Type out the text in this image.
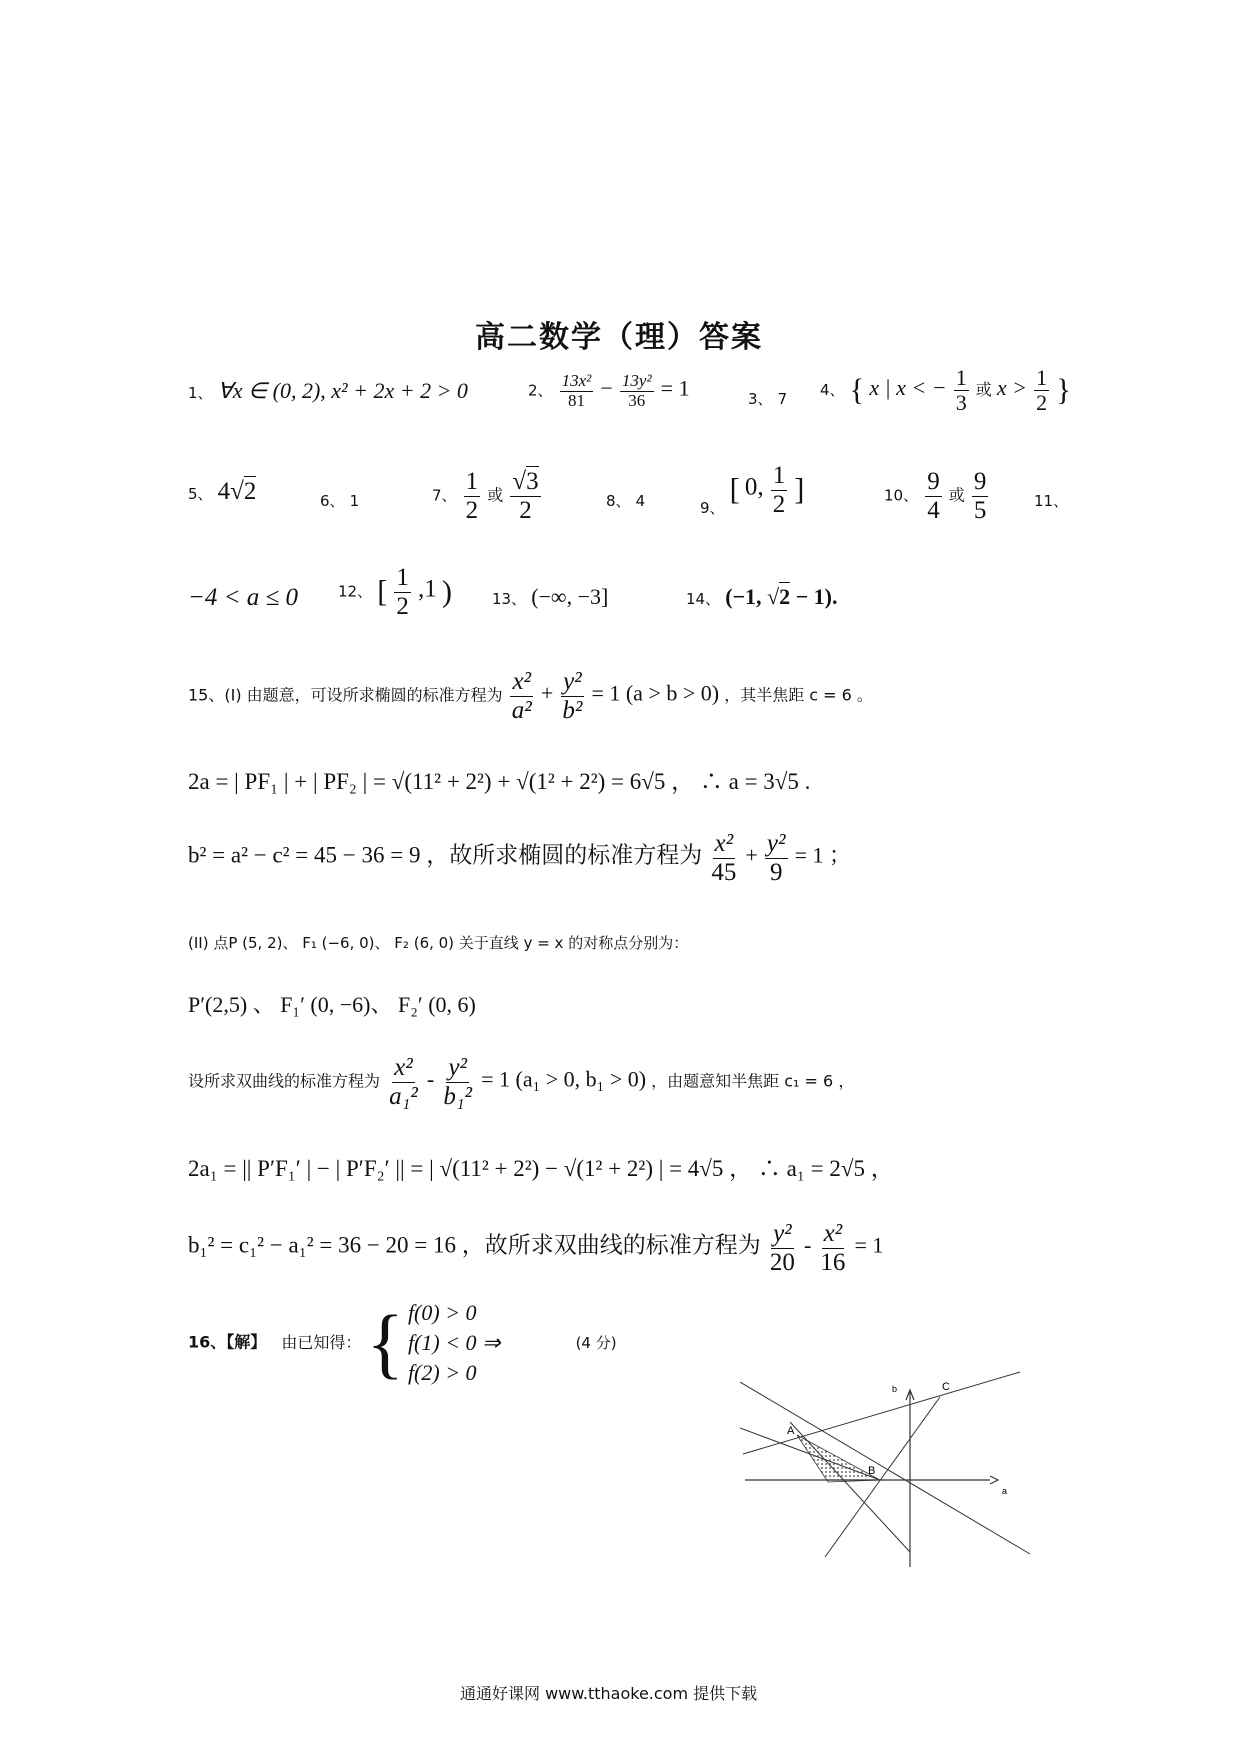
高二数学（理）答案
1、 ∀x ∈ (0, 2), x² + 2x + 2 > 0	2、 $\frac{\text{13x²}}{81} - \frac{\text{13y²}}{36} = 1$	3、 7 4、 { x | x < − $\frac{1}{3}$ 或 $x > \frac{1}{2}$ }
5、 4√2	6、 1	7、 $\frac{1}{2}$ 或 $\frac{√3}{2}$	8、 4	9、 [ 0, $\frac{1}{2}$ ]	10、 $\frac{9}{4}$ 或 $\frac{9}{5}$	11、
−4 < a ≤ 0	12、 [ $\frac{1}{2} ,1$ )	13、 (−∞, −3]	14、 (−1, √2 − 1).
15、(I) 由题意，可设所求椭圆的标准方程为 $\frac{\text{x²}}{\text{a²}} + \frac{\text{y²}}{\text{b²}} = 1$ (a > b > 0) ，其半焦距 c = 6 。
2a = | PF₁ | + | PF₂ | = √(11² + 2²) + √(1² + 2²) = 6√5 ， ∴ a = 3√5 .
b² = a² − c² = 45 − 36 = 9 ，故所求椭圆的标准方程为 $\frac{\text{x²}}{45} + \frac{\text{y²}}{9} = 1$ ；
(II) 点P (5, 2)、 F₁ (−6, 0)、 F₂ (6, 0) 关于直线 y = x 的对称点分别为：
P′(2,5) 、 F₁′ (0, −6)、 F₂′ (0, 6)
设所求双曲线的标准方程为 $\frac{\text{x²}}{\text{a₁²}} - \frac{\text{y²}}{\text{b₁²}} = 1$ (a₁ > 0, b₁ > 0) ，由题意知半焦距 c₁ = 6 ，
2a₁ = || P′F₁′ | − | P′F₂′ || = | √(11² + 2²) − √(1² + 2²) | = 4√5 ， ∴ a₁ = 2√5 ，
b₁² = c₁² − a₁² = 36 − 20 = 16 ，故所求双曲线的标准方程为 $\frac{\text{y²}}{20} - \frac{\text{x²}}{16} = 1$
16、【解】 由已知得： { f(0) > 0
f(1) < 0 ⇒
f(2) > 0
(4 分)
A
B
C
b
a
通通好课网 www.tthaoke.com 提供下载
